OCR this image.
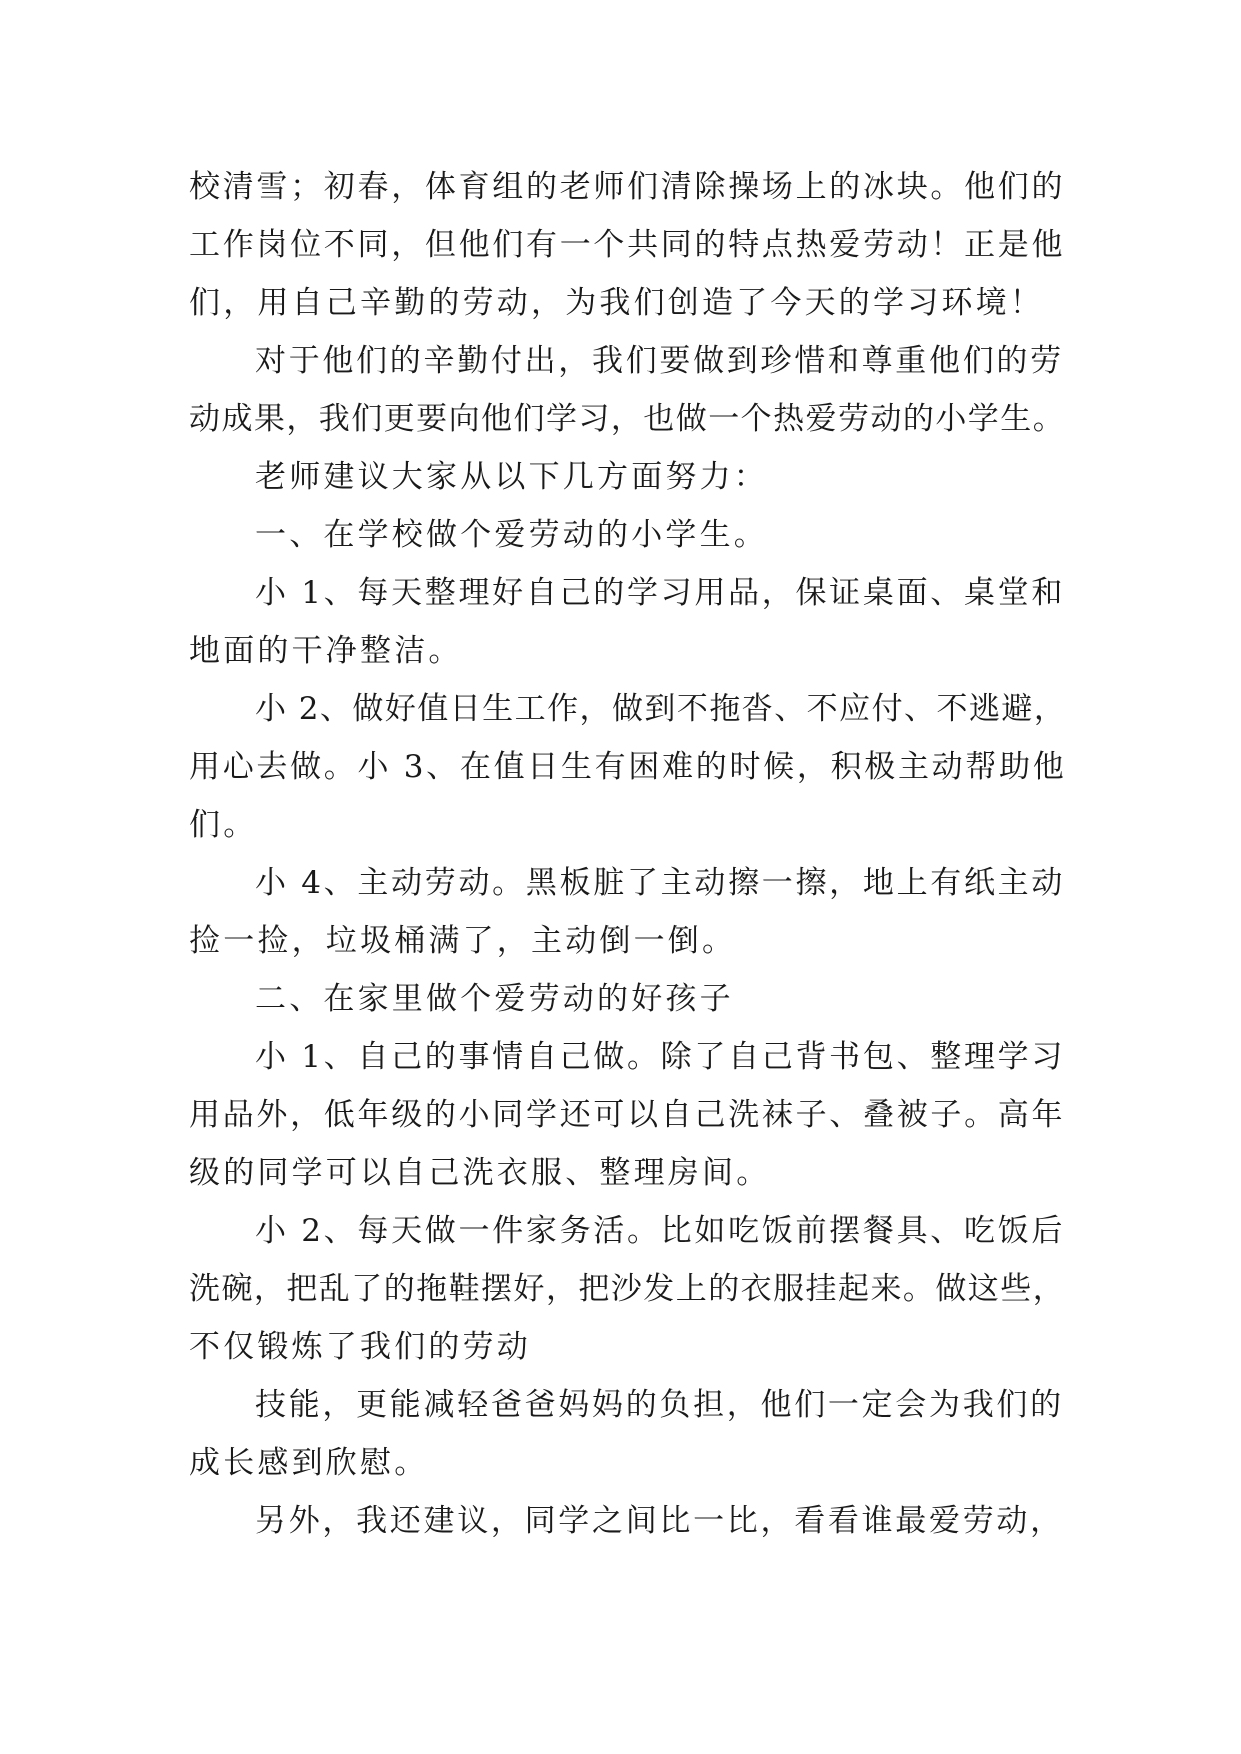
校清雪；初春，体育组的老师们清除操场上的冰块。他们的
工作岗位不同，但他们有一个共同的特点热爱劳动！正是他
们，用自己辛勤的劳动，为我们创造了今天的学习环境！
对于他们的辛勤付出，我们要做到珍惜和尊重他们的劳
动成果，我们更要向他们学习，也做一个热爱劳动的小学生。
老师建议大家从以下几方面努力：
一、在学校做个爱劳动的小学生。
小 1、每天整理好自己的学习用品，保证桌面、桌堂和
地面的干净整洁。
小 2、做好值日生工作，做到不拖沓、不应付、不逃避，
用心去做。小 3、在值日生有困难的时候，积极主动帮助他
们。
小 4、主动劳动。黑板脏了主动擦一擦，地上有纸主动
捡一捡，垃圾桶满了，主动倒一倒。
二、在家里做个爱劳动的好孩子
小 1、自己的事情自己做。除了自己背书包、整理学习
用品外，低年级的小同学还可以自己洗袜子、叠被子。高年
级的同学可以自己洗衣服、整理房间。
小 2、每天做一件家务活。比如吃饭前摆餐具、吃饭后
洗碗，把乱了的拖鞋摆好，把沙发上的衣服挂起来。做这些，
不仅锻炼了我们的劳动
技能，更能减轻爸爸妈妈的负担，他们一定会为我们的
成长感到欣慰。
另外，我还建议，同学之间比一比，看看谁最爱劳动，
